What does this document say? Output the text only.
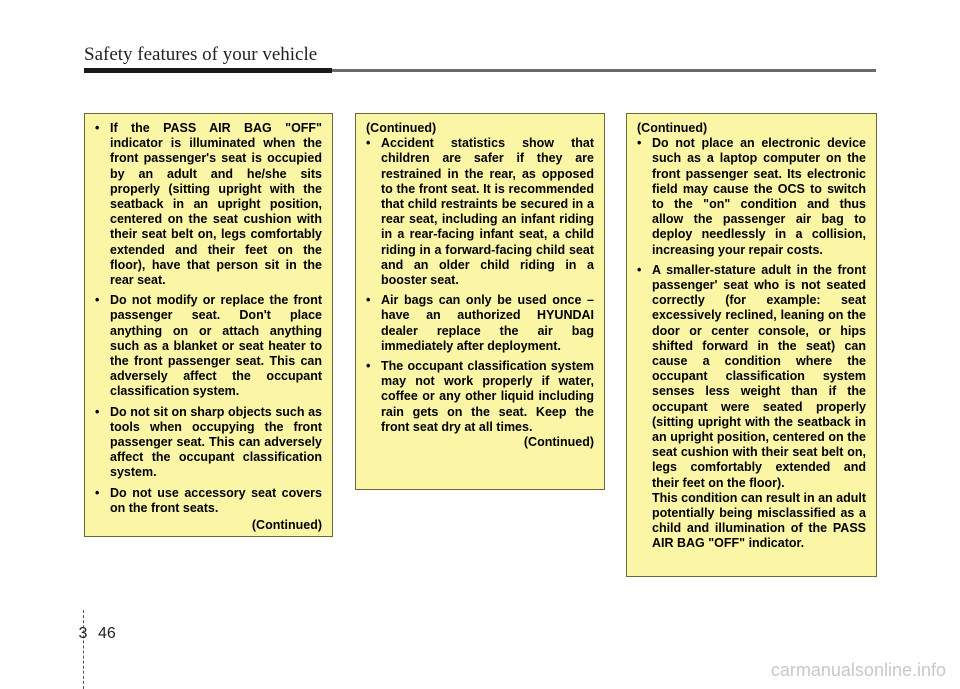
Safety features of your vehicle
• If the PASS AIR BAG "OFF" indicator is illuminated when the front passenger's seat is occupied by an adult and he/she sits properly (sitting upright with the seatback in an upright position, centered on the seat cushion with their seat belt on, legs comfortably extended and their feet on the floor), have that person sit in the rear seat.
• Do not modify or replace the front passenger seat. Don't place anything on or attach anything such as a blanket or seat heater to the front passenger seat. This can adversely affect the occupant classification system.
• Do not sit on sharp objects such as tools when occupying the front passenger seat. This can adversely affect the occupant classification system.
• Do not use accessory seat covers on the front seats.

(Continued)

(Continued)

• Accident statistics show that children are safer if they are restrained in the rear, as opposed to the front seat. It is recommended that child restraints be secured in a rear seat, including an infant riding in a rear-facing infant seat, a child riding in a forward-facing child seat and an older child riding in a booster seat.
• Air bags can only be used once – have an authorized HYUNDAI dealer replace the air bag immediately after deployment.
• The occupant classification system may not work properly if water, coffee or any other liquid including rain gets on the seat. Keep the front seat dry at all times.

(Continued)

(Continued)

• Do not place an electronic device such as a laptop computer on the front passenger seat. Its electronic field may cause the OCS to switch to the "on" condition and thus allow the passenger air bag to deploy needlessly in a collision, increasing your repair costs.
• A smaller-stature adult in the front passenger' seat who is not seated correctly (for example: seat excessively reclined, leaning on the door or center console, or hips shifted forward in the seat) can cause a condition where the occupant classification system senses less weight than if the occupant were seated properly (sitting upright with the seatback in an upright position, centered on the seat cushion with their seat belt on, legs comfortably extended and their feet on the floor).

This condition can result in an adult potentially being misclassified as a child and illumination of the PASS AIR BAG "OFF" indicator.

3 46
carmanualsonline.info
